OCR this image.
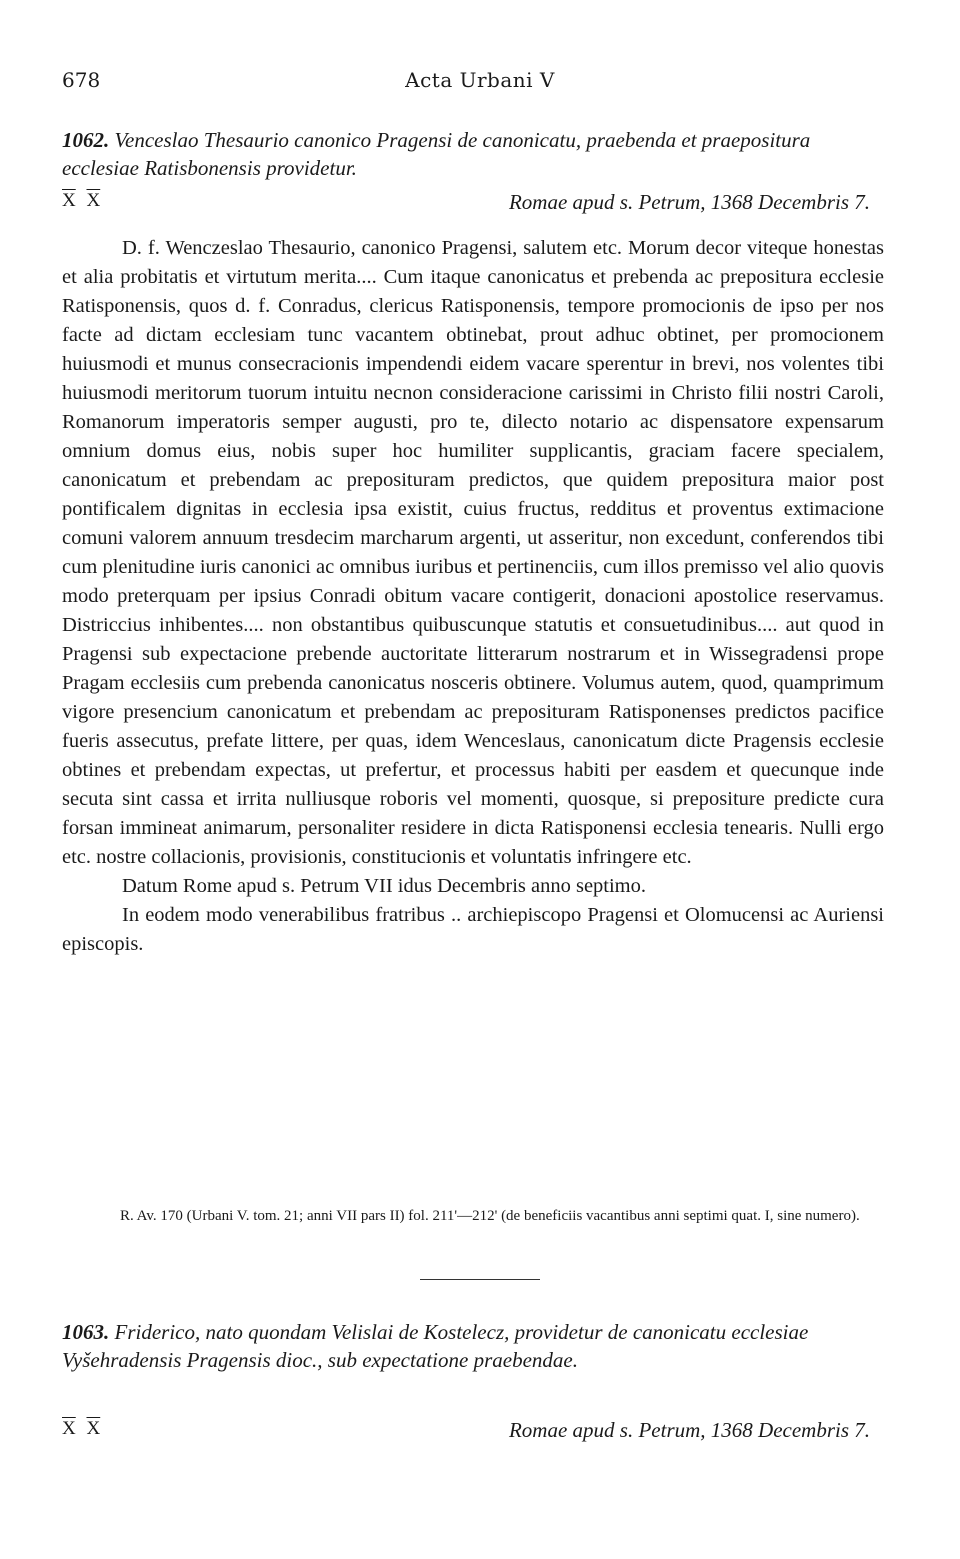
678	Acta Urbani V
1062. Venceslao Thesaurio canonico Pragensi de canonicatu, praebenda et praepositura ecclesiae Ratisbonensis providetur.
$\overline{X}$ $\overline{X}$	Romae apud s. Petrum, 1368 Decembris 7.

D. f. Wenczeslao Thesaurio, canonico Pragensi, salutem etc. Morum decor viteque honestas et alia probitatis et virtutum merita.... Cum itaque canonicatus et prebenda ac prepositura ecclesie Ratisponensis, quos d. f. Conradus, clericus Ratisponensis, tempore promocionis de ipso per nos facte ad dictam ecclesiam tunc vacantem obtinebat, prout adhuc obtinet, per promocionem huiusmodi et munus consecracionis impendendi eidem vacare sperentur in brevi, nos volentes tibi huiusmodi meritorum tuorum intuitu necnon consideracione carissimi in Christo filii nostri Caroli, Romanorum imperatoris semper augusti, pro te, dilecto notario ac dispensatore expensarum omnium domus eius, nobis super hoc humiliter supplicantis, graciam facere specialem, canonicatum et prebendam ac preposituram predictos, que quidem prepositura maior post pontificalem dignitas in ecclesia ipsa existit, cuius fructus, redditus et proventus extimacione comuni valorem annuum tresdecim marcharum argenti, ut asseritur, non excedunt, conferendos tibi cum plenitudine iuris canonici ac omnibus iuribus et pertinenciis, cum illos premisso vel alio quovis modo preterquam per ipsius Conradi obitum vacare contigerit, donacioni apostolice reservamus. Districcius inhibentes.... non obstantibus quibuscunque statutis et consuetudinibus.... aut quod in Pragensi sub expectacione prebende auctoritate litterarum nostrarum et in Wissegradensi prope Pragam ecclesiis cum prebenda canonicatus nosceris obtinere. Volumus autem, quod, quamprimum vigore presencium canonicatum et prebendam ac preposituram Ratisponenses predictos pacifice fueris assecutus, prefate littere, per quas, idem Wenceslaus, canonicatum dicte Pragensis ecclesie obtines et prebendam expectas, ut prefertur, et processus habiti per easdem et quecunque inde secuta sint cassa et irrita nulliusque roboris vel momenti, quosque, si prepositure predicte cura forsan immineat animarum, personaliter residere in dicta Ratisponensi ecclesia tenearis. Nulli ergo etc. nostre collacionis, provisionis, constitucionis et voluntatis infringere etc.

Datum Rome apud s. Petrum VII idus Decembris anno septimo.

In eodem modo venerabilibus fratribus .. archiepiscopo Pragensi et Olomucensi ac Auriensi episcopis.

R. Av. 170 (Urbani V. tom. 21; anni VII pars II) fol. 211'—212' (de beneficiis vacantibus anni septimi quat. I, sine numero).

1063. Friderico, nato quondam Velislai de Kostelecz, providetur de canonicatu ecclesiae Vyšehradensis Pragensis dioc., sub expectatione praebendae.
$\overline{X}$ $\overline{X}$	Romae apud s. Petrum, 1368 Decembris 7.
